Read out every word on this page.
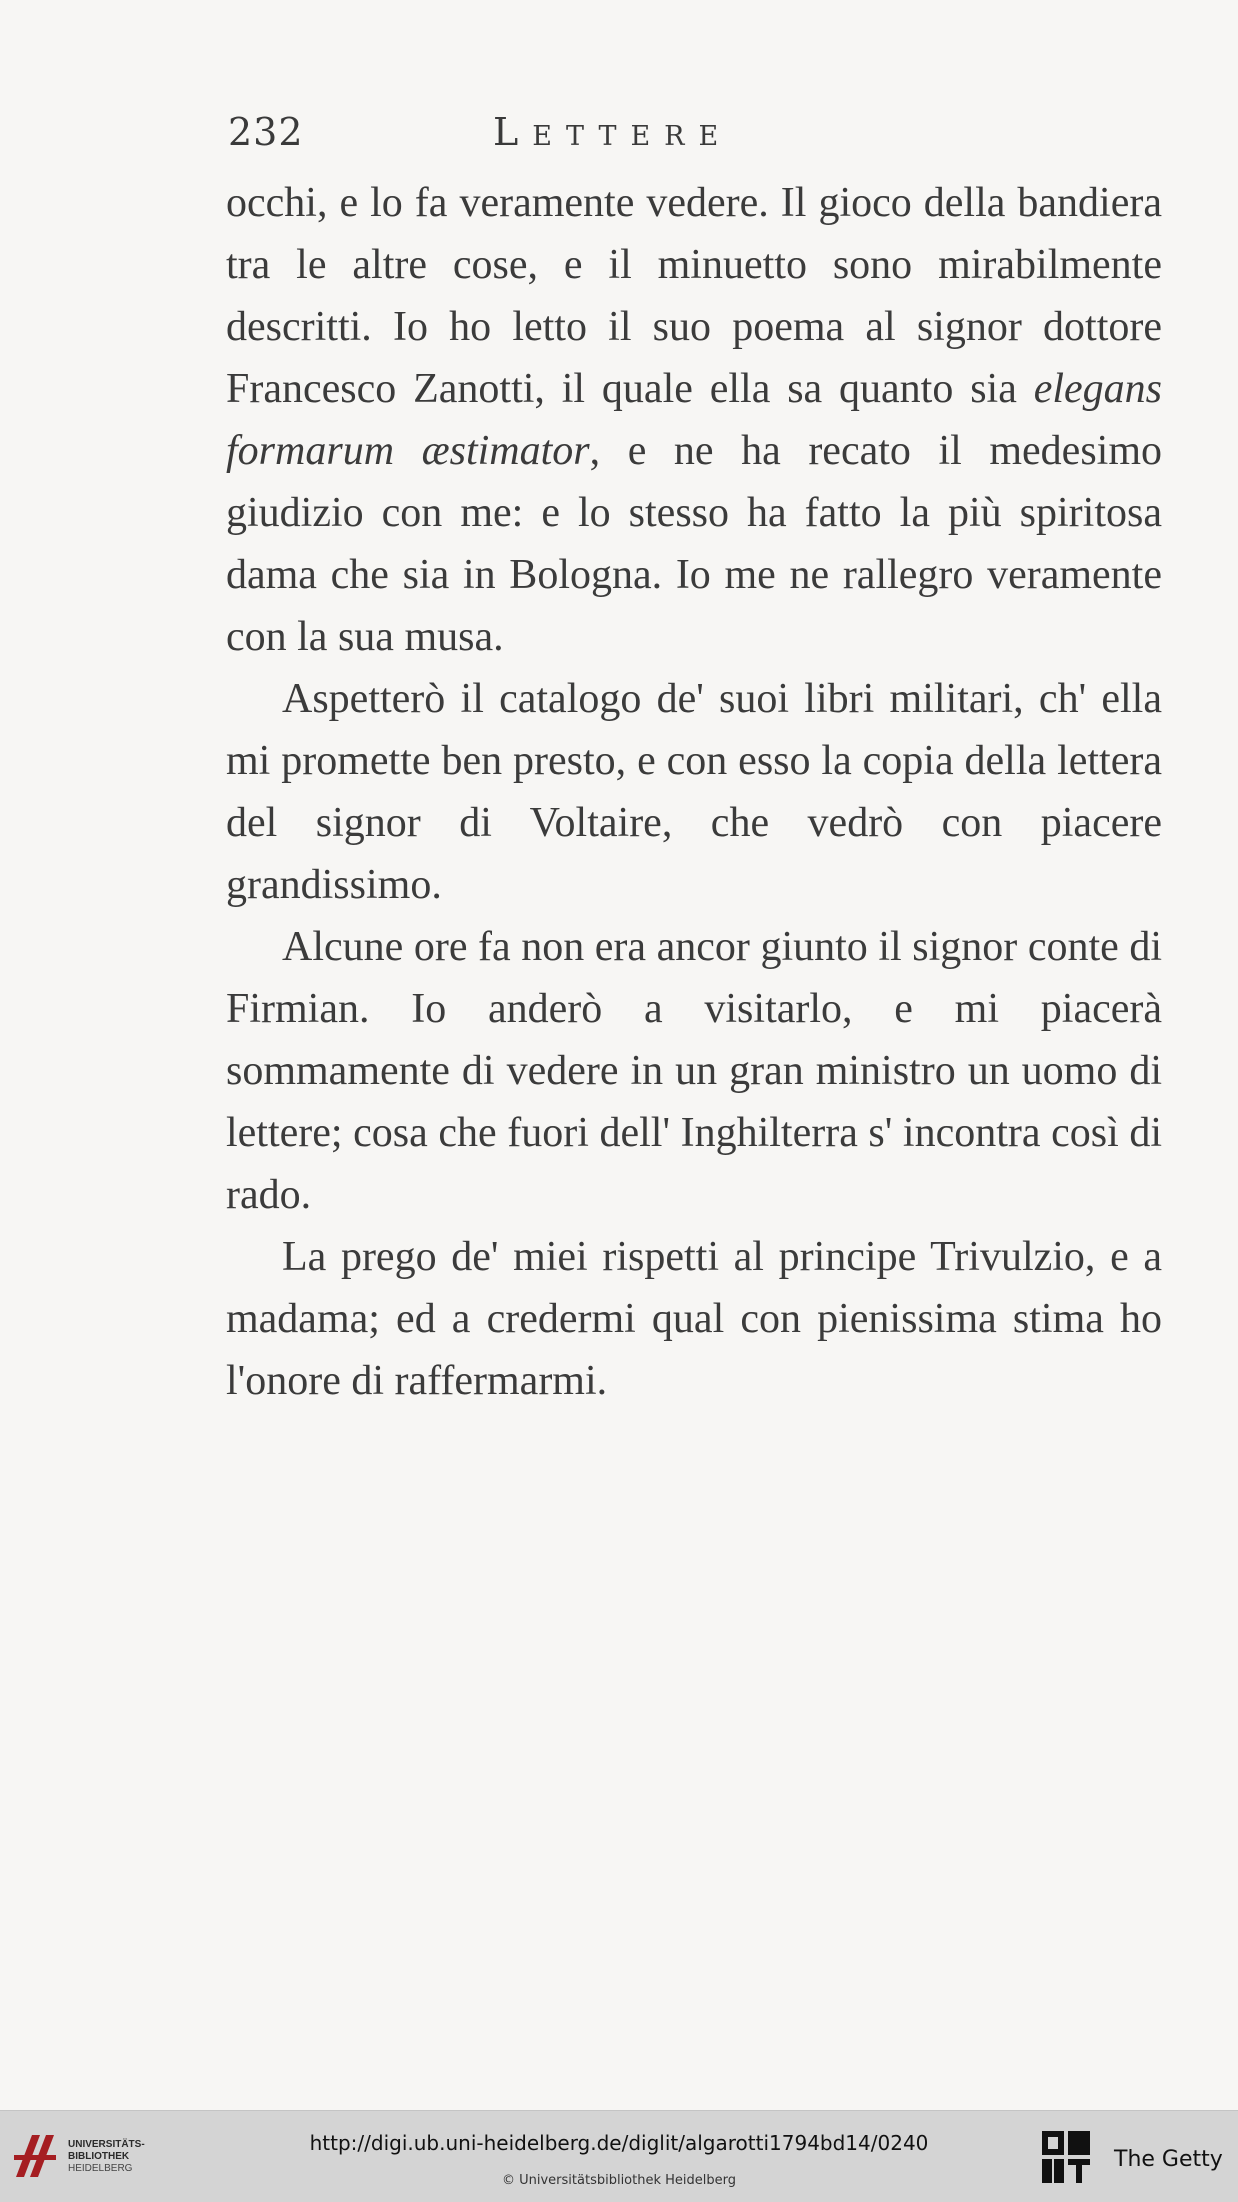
232	Lettere

occhi, e lo fa veramente vedere. Il gioco della bandiera tra le altre cose, e il minuetto sono mirabilmente descritti. Io ho letto il suo poema al signor dottore Francesco Zanotti, il quale ella sa quanto sia elegans formarum æstimator, e ne ha recato il medesimo giudizio con me: e lo stesso ha fatto la più spiritosa dama che sia in Bologna. Io me ne rallegro veramente con la sua musa.

Aspetterò il catalogo de' suoi libri militari, ch' ella mi promette ben presto, e con esso la copia della lettera del signor di Voltaire, che vedrò con piacere grandissimo.

Alcune ore fa non era ancor giunto il signor conte di Firmian. Io anderò a visitarlo, e mi piacerà sommamente di vedere in un gran ministro un uomo di lettere; cosa che fuori dell' Inghilterra s' incontra così di rado.

La prego de' miei rispetti al principe Trivulzio, e a madama; ed a credermi qual con pienissima stima ho l'onore di raffermarmi.

UNIVERSITÄTS-
BIBLIOTHEK
HEIDELBERG
http://digi.ub.uni-heidelberg.de/diglit/algarotti1794bd14/0240
© Universitätsbibliothek Heidelberg
The Getty
